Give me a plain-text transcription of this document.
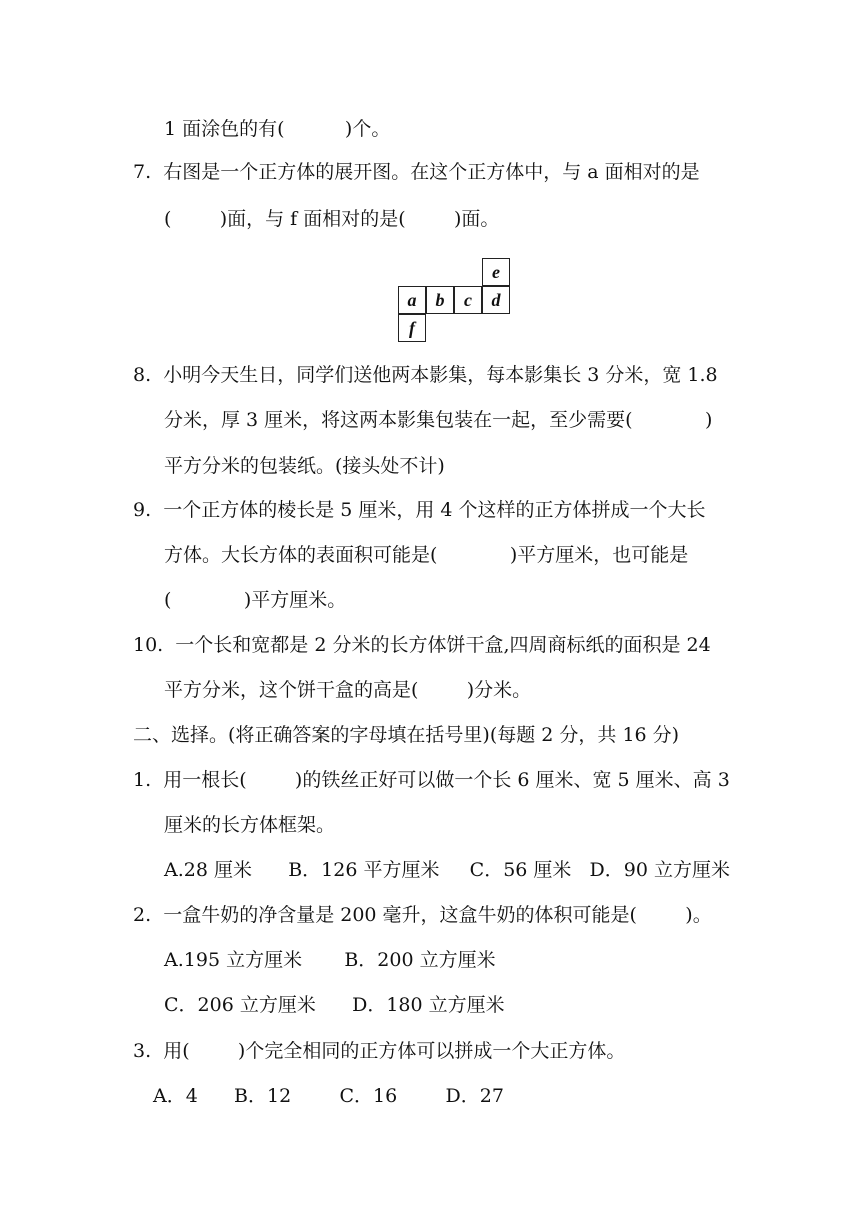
1 面涂色的有(          )个。
7.  右图是一个正方体的展开图。在这个正方体中，与 a 面相对的是
(        )面，与 f 面相对的是(        )面。
e
a	b	c	d
f
8.  小明今天生日，同学们送他两本影集，每本影集长 3 分米，宽 1.8
分米，厚 3 厘米，将这两本影集包装在一起，至少需要(            )
平方分米的包装纸。(接头处不计)
9.  一个正方体的棱长是 5 厘米，用 4 个这样的正方体拼成一个大长
方体。大长方体的表面积可能是(            )平方厘米，也可能是
(            )平方厘米。
10.  一个长和宽都是 2 分米的长方体饼干盒,四周商标纸的面积是 24
平方分米，这个饼干盒的高是(        )分米。
二、选择。(将正确答案的字母填在括号里)(每题 2 分，共 16 分)
1.  用一根长(        )的铁丝正好可以做一个长 6 厘米、宽 5 厘米、高 3
厘米的长方体框架。
A.28 厘米      B．126 平方厘米     C．56 厘米   D．90 立方厘米
2.  一盒牛奶的净含量是 200 毫升，这盒牛奶的体积可能是(        )。
A.195 立方厘米       B．200 立方厘米
C．206 立方厘米      D．180 立方厘米
3.  用(        )个完全相同的正方体可以拼成一个大正方体。
A．4      B．12        C．16        D．27
